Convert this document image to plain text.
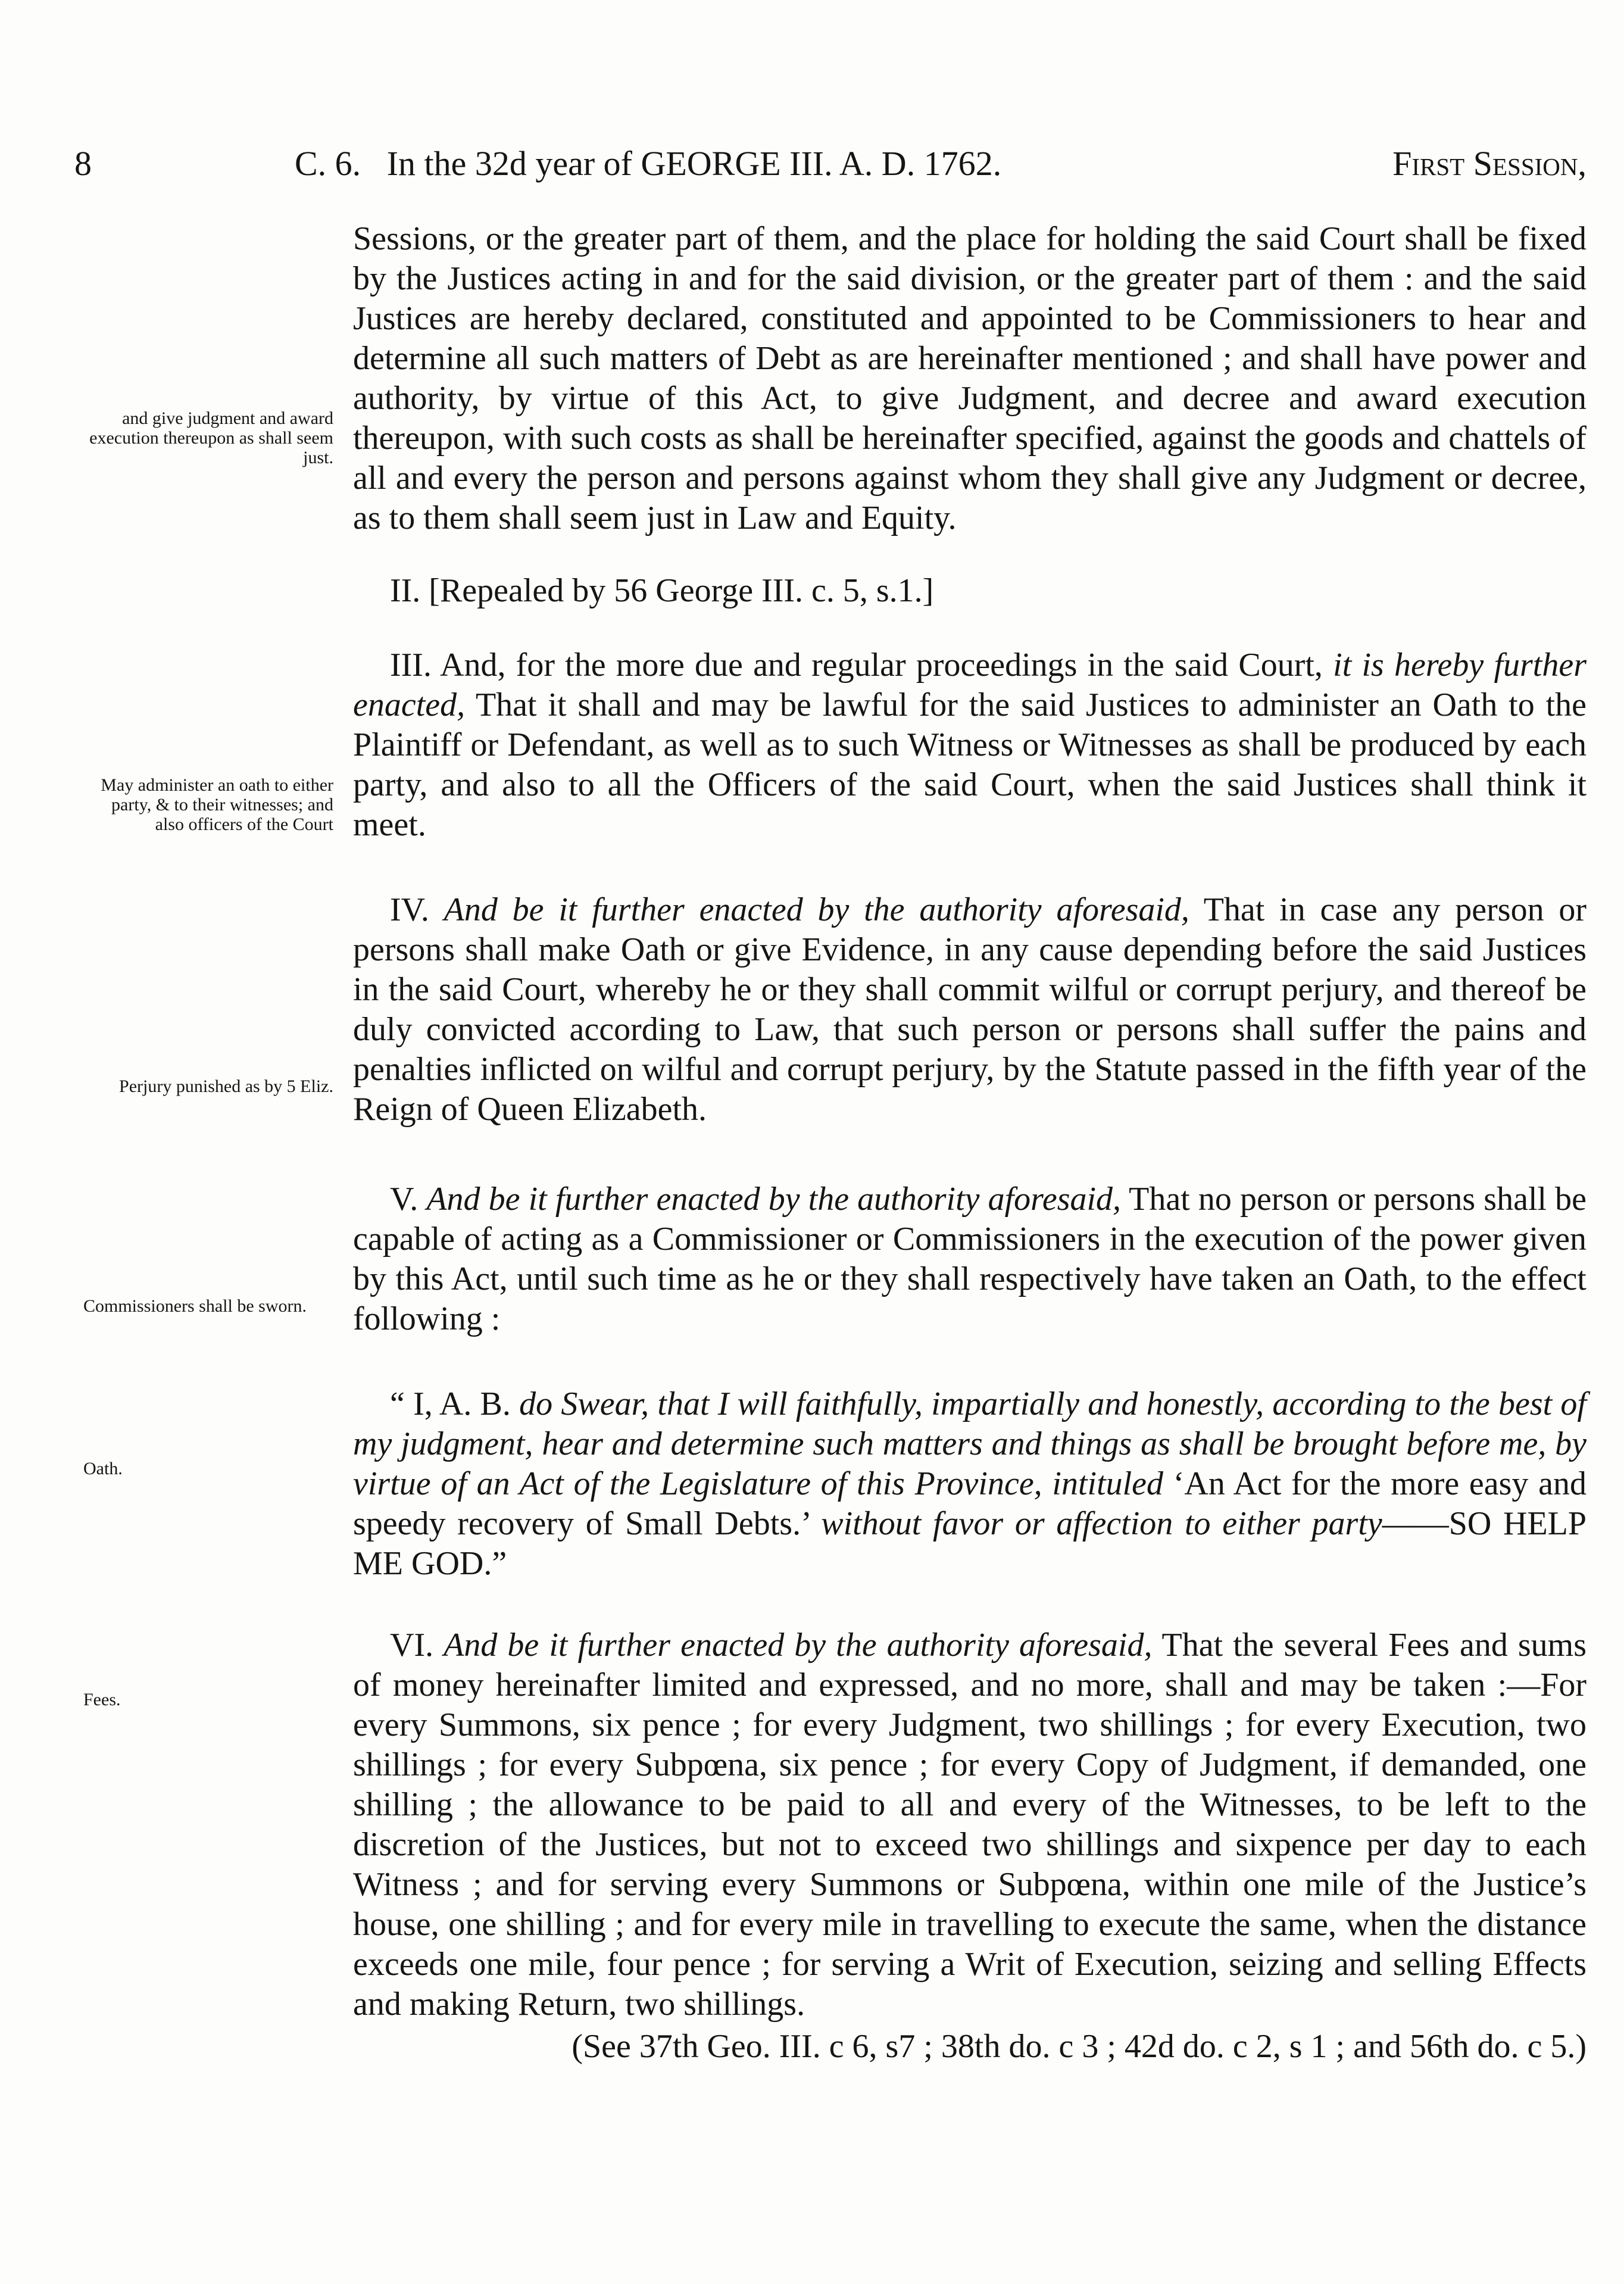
8	C. 6. In the 32d year of GEORGE III. A. D. 1762.	First Session,
and give judgment and award execution thereupon as shall seem just.
May administer an oath to either party, & to their witnesses; and also officers of the Court
Perjury punished as by 5 Eliz.
Commissioners shall be sworn.
Oath.
Fees.

Sessions, or the greater part of them, and the place for holding the said Court shall be fixed by the Justices acting in and for the said division, or the greater part of them : and the said Justices are hereby declared, constituted and appointed to be Commissioners to hear and determine all such matters of Debt as are hereinafter mentioned ; and shall have power and authority, by virtue of this Act, to give Judgment, and decree and award execution thereupon, with such costs as shall be hereinafter specified, against the goods and chattels of all and every the person and persons against whom they shall give any Judgment or decree, as to them shall seem just in Law and Equity.

II. [Repealed by 56 George III. c. 5, s.1.]

III. And, for the more due and regular proceedings in the said Court, it is hereby further enacted, That it shall and may be lawful for the said Justices to administer an Oath to the Plaintiff or Defendant, as well as to such Witness or Witnesses as shall be produced by each party, and also to all the Officers of the said Court, when the said Justices shall think it meet.

IV. And be it further enacted by the authority aforesaid, That in case any person or persons shall make Oath or give Evidence, in any cause depending before the said Justices in the said Court, whereby he or they shall commit wilful or corrupt perjury, and thereof be duly convicted according to Law, that such person or persons shall suffer the pains and penalties inflicted on wilful and corrupt perjury, by the Statute passed in the fifth year of the Reign of Queen Elizabeth.

V. And be it further enacted by the authority aforesaid, That no person or persons shall be capable of acting as a Commissioner or Commissioners in the execution of the power given by this Act, until such time as he or they shall respectively have taken an Oath, to the effect following :

“ I, A. B. do Swear, that I will faithfully, impartially and honestly, according to the best of my judgment, hear and determine such matters and things as shall be brought before me, by virtue of an Act of the Legislature of this Province, intituled ‘An Act for the more easy and speedy recovery of Small Debts.’ without favor or affection to either party——SO HELP ME GOD.”

VI. And be it further enacted by the authority aforesaid, That the several Fees and sums of money hereinafter limited and expressed, and no more, shall and may be taken :—For every Summons, six pence ; for every Judgment, two shillings ; for every Execution, two shillings ; for every Subpœna, six pence ; for every Copy of Judgment, if demanded, one shilling ; the allowance to be paid to all and every of the Witnesses, to be left to the discretion of the Justices, but not to exceed two shillings and sixpence per day to each Witness ; and for serving every Summons or Subpœna, within one mile of the Justice’s house, one shilling ; and for every mile in travelling to execute the same, when the distance exceeds one mile, four pence ; for serving a Writ of Execution, seizing and selling Effects and making Return, two shillings.

(See 37th Geo. III. c 6, s7 ; 38th do. c 3 ; 42d do. c 2, s 1 ; and 56th do. c 5.)
